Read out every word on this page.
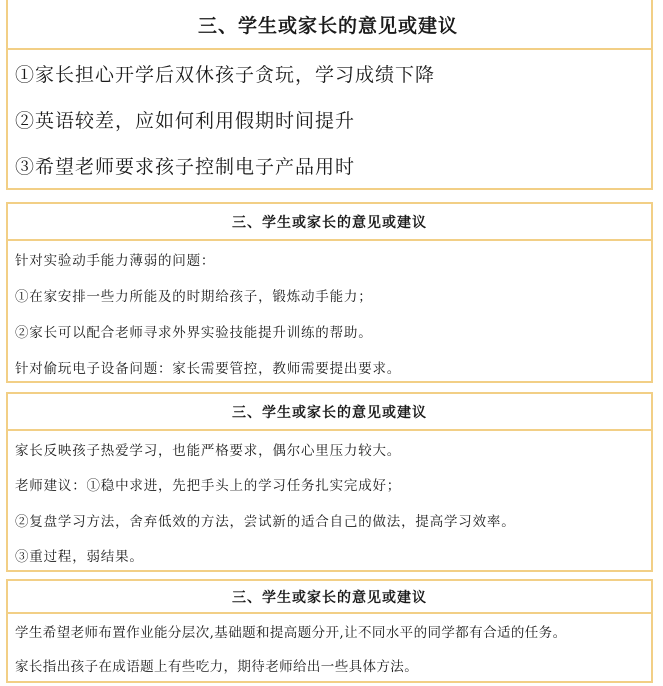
三、学生或家长的意见或建议
①家长担心开学后双休孩子贪玩，学习成绩下降
②英语较差，应如何利用假期时间提升
③希望老师要求孩子控制电子产品用时
三、学生或家长的意见或建议
针对实验动手能力薄弱的问题：
①在家安排一些力所能及的时期给孩子，锻炼动手能力；
②家长可以配合老师寻求外界实验技能提升训练的帮助。
针对偷玩电子设备问题：家长需要管控，教师需要提出要求。
三、学生或家长的意见或建议
家长反映孩子热爱学习，也能严格要求，偶尔心里压力较大。
老师建议：①稳中求进，先把手头上的学习任务扎实完成好；
②复盘学习方法，舍弃低效的方法，尝试新的适合自己的做法，提高学习效率。
③重过程，弱结果。
三、学生或家长的意见或建议
学生希望老师布置作业能分层次,基础题和提高题分开,让不同水平的同学都有合适的任务。
家长指出孩子在成语题上有些吃力，期待老师给出一些具体方法。
